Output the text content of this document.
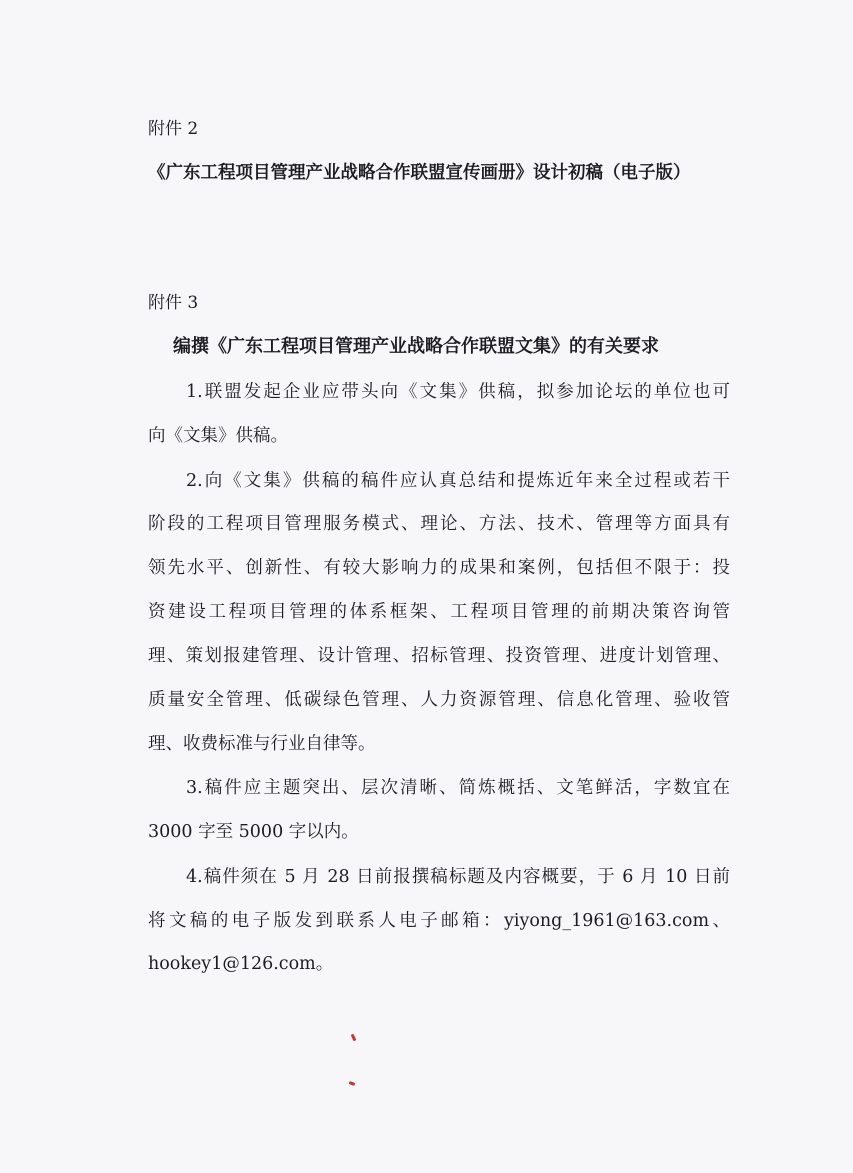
附件 2
《广东工程项目管理产业战略合作联盟宣传画册》设计初稿（电子版）
附件 3
编撰《广东工程项目管理产业战略合作联盟文集》的有关要求
1.联盟发起企业应带头向《文集》供稿，拟参加论坛的单位也可
向《文集》供稿。
2.向《文集》供稿的稿件应认真总结和提炼近年来全过程或若干
阶段的工程项目管理服务模式、理论、方法、技术、管理等方面具有
领先水平、创新性、有较大影响力的成果和案例，包括但不限于：投
资建设工程项目管理的体系框架、工程项目管理的前期决策咨询管
理、策划报建管理、设计管理、招标管理、投资管理、进度计划管理、
质量安全管理、低碳绿色管理、人力资源管理、信息化管理、验收管
理、收费标准与行业自律等。
3.稿件应主题突出、层次清晰、简炼概括、文笔鲜活，字数宜在
3000 字至 5000 字以内。
4.稿件须在 5 月 28 日前报撰稿标题及内容概要，于 6 月 10 日前
将文稿的电子版发到联系人电子邮箱：yiyong_1961@163.com、
hookey1@126.com。
